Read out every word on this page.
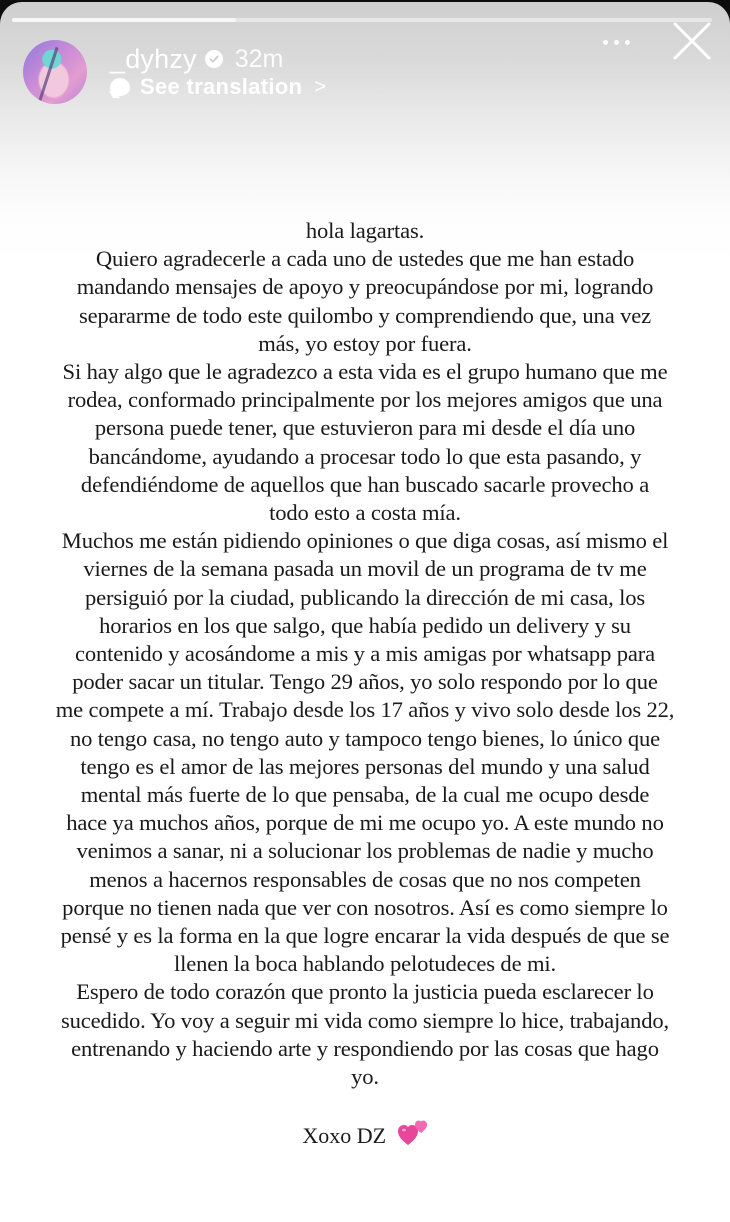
_dyhzy 32m
See translation >

hola lagartas.

Quiero agradecerle a cada uno de ustedes que me han estado

mandando mensajes de apoyo y preocupándose por mi, logrando

separarme de todo este quilombo y comprendiendo que, una vez

más, yo estoy por fuera.

Si hay algo que le agradezco a esta vida es el grupo humano que me

rodea, conformado principalmente por los mejores amigos que una

persona puede tener, que estuvieron para mi desde el día uno

bancándome, ayudando a procesar todo lo que esta pasando, y

defendiéndome de aquellos que han buscado sacarle provecho a

todo esto a costa mía.

Muchos me están pidiendo opiniones o que diga cosas, así mismo el

viernes de la semana pasada un movil de un programa de tv me

persiguió por la ciudad, publicando la dirección de mi casa, los

horarios en los que salgo, que había pedido un delivery y su

contenido y acosándome a mis y a mis amigas por whatsapp para

poder sacar un titular. Tengo 29 años, yo solo respondo por lo que

me compete a mí. Trabajo desde los 17 años y vivo solo desde los 22,

no tengo casa, no tengo auto y tampoco tengo bienes, lo único que

tengo es el amor de las mejores personas del mundo y una salud

mental más fuerte de lo que pensaba, de la cual me ocupo desde

hace ya muchos años, porque de mi me ocupo yo. A este mundo no

venimos a sanar, ni a solucionar los problemas de nadie y mucho

menos a hacernos responsables de cosas que no nos competen

porque no tienen nada que ver con nosotros. Así es como siempre lo

pensé y es la forma en la que logre encarar la vida después de que se

llenen la boca hablando pelotudeces de mi.

Espero de todo corazón que pronto la justicia pueda esclarecer lo

sucedido. Yo voy a seguir mi vida como siempre lo hice, trabajando,

entrenando y haciendo arte y respondiendo por las cosas que hago

yo.

Xoxo DZ
